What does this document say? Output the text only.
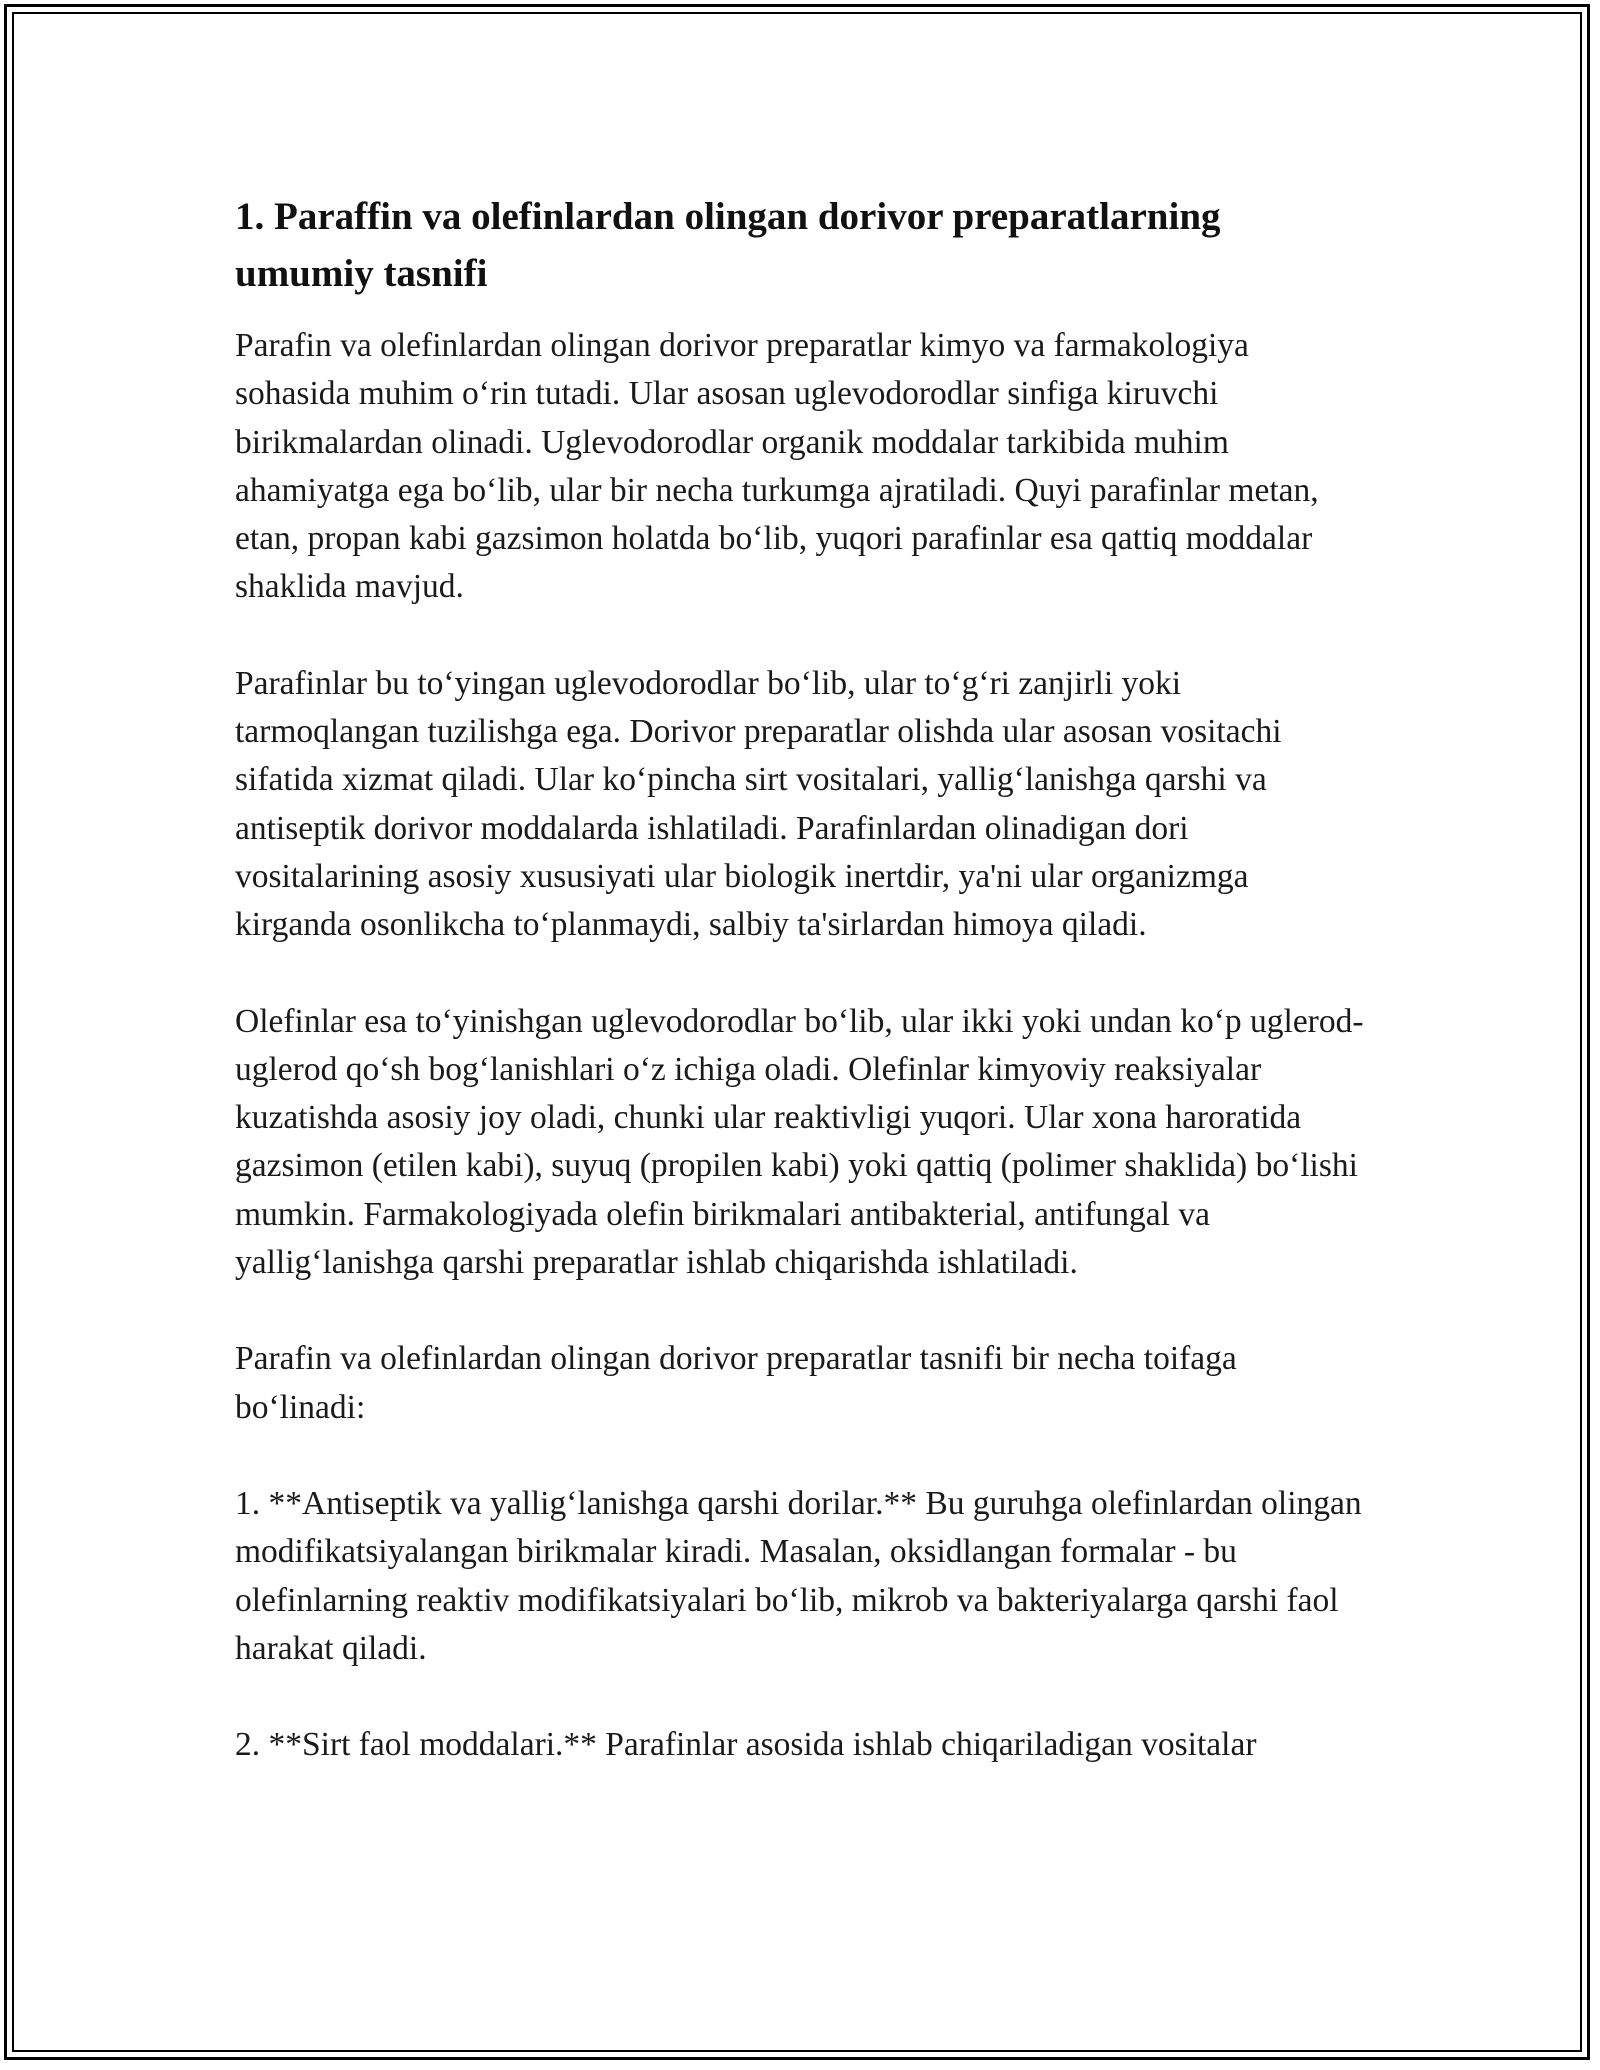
1. Paraffin va olefinlardan olingan dorivor preparatlarning umumiy tasnifi

Parafin va olefinlardan olingan dorivor preparatlar kimyo va farmakologiya sohasida muhim o‘rin tutadi. Ular asosan uglevodorodlar sinfiga kiruvchi birikmalardan olinadi. Uglevodorodlar organik moddalar tarkibida muhim ahamiyatga ega bo‘lib, ular bir necha turkumga ajratiladi. Quyi parafinlar metan, etan, propan kabi gazsimon holatda bo‘lib, yuqori parafinlar esa qattiq moddalar shaklida mavjud.

Parafinlar bu to‘yingan uglevodorodlar bo‘lib, ular to‘g‘ri zanjirli yoki tarmoqlangan tuzilishga ega. Dorivor preparatlar olishda ular asosan vositachi sifatida xizmat qiladi. Ular ko‘pincha sirt vositalari, yallig‘lanishga qarshi va antiseptik dorivor moddalarda ishlatiladi. Parafinlardan olinadigan dori vositalarining asosiy xususiyati ular biologik inertdir, ya'ni ular organizmga kirganda osonlikcha to‘planmaydi, salbiy ta'sirlardan himoya qiladi.

Olefinlar esa to‘yinishgan uglevodorodlar bo‘lib, ular ikki yoki undan ko‘p uglerod-uglerod qo‘sh bog‘lanishlari o‘z ichiga oladi. Olefinlar kimyoviy reaksiyalar kuzatishda asosiy joy oladi, chunki ular reaktivligi yuqori. Ular xona haroratida gazsimon (etilen kabi), suyuq (propilen kabi) yoki qattiq (polimer shaklida) bo‘lishi mumkin. Farmakologiyada olefin birikmalari antibakterial, antifungal va yallig‘lanishga qarshi preparatlar ishlab chiqarishda ishlatiladi.

Parafin va olefinlardan olingan dorivor preparatlar tasnifi bir necha toifaga bo‘linadi:

1. **Antiseptik va yallig‘lanishga qarshi dorilar.** Bu guruhga olefinlardan olingan modifikatsiyalangan birikmalar kiradi. Masalan, oksidlangan formalar - bu olefinlarning reaktiv modifikatsiyalari bo‘lib, mikrob va bakteriyalarga qarshi faol harakat qiladi.

2. **Sirt faol moddalari.** Parafinlar asosida ishlab chiqariladigan vositalar
